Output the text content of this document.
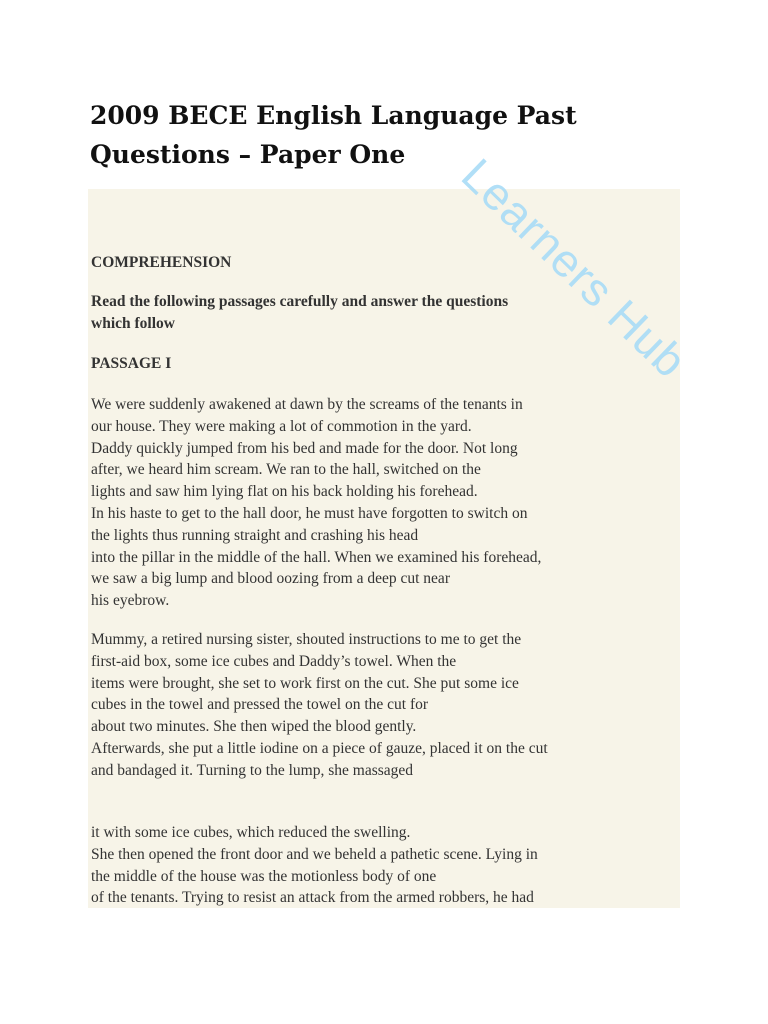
2009 BECE English Language Past
Questions – Paper One

COMPREHENSION

Read the following passages carefully and answer the questions
which follow

PASSAGE I

We were suddenly awakened at dawn by the screams of the tenants in
our house. They were making a lot of commotion in the yard.
Daddy quickly jumped from his bed and made for the door. Not long
after, we heard him scream. We ran to the hall, switched on the
lights and saw him lying flat on his back holding his forehead.
In his haste to get to the hall door, he must have forgotten to switch on
the lights thus running straight and crashing his head
into the pillar in the middle of the hall. When we examined his forehead,
we saw a big lump and blood oozing from a deep cut near
his eyebrow.
Mummy, a retired nursing sister, shouted instructions to me to get the
first-aid box, some ice cubes and Daddy’s towel. When the
items were brought, she set to work first on the cut. She put some ice
cubes in the towel and pressed the towel on the cut for
about two minutes. She then wiped the blood gently.
Afterwards, she put a little iodine on a piece of gauze, placed it on the cut
and bandaged it. Turning to the lump, she massaged
it with some ice cubes, which reduced the swelling.
She then opened the front door and we beheld a pathetic scene. Lying in
the middle of the house was the motionless body of one
of the tenants. Trying to resist an attack from the armed robbers, he had
Learners Hub
